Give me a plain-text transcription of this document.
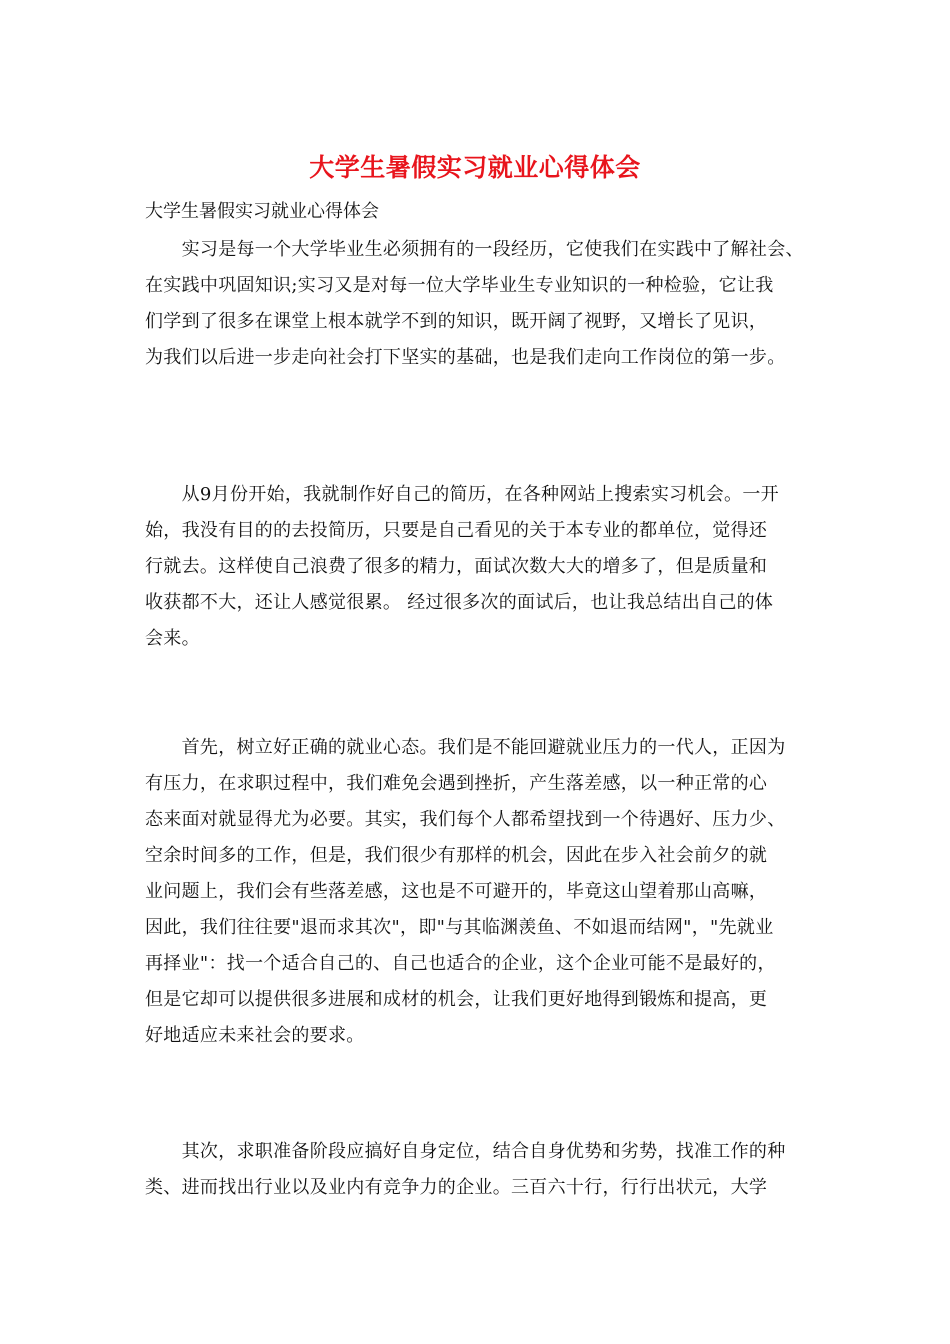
大学生暑假实习就业心得体会
大学生暑假实习就业心得体会
　　实习是每一个大学毕业生必须拥有的一段经历，它使我们在实践中了解社会、
在实践中巩固知识;实习又是对每一位大学毕业生专业知识的一种检验，它让我
们学到了很多在课堂上根本就学不到的知识，既开阔了视野，又增长了见识，
为我们以后进一步走向社会打下坚实的基础，也是我们走向工作岗位的第一步。
　　从9月份开始，我就制作好自己的简历，在各种网站上搜索实习机会。一开
始，我没有目的的去投简历，只要是自己看见的关于本专业的都单位，觉得还
行就去。这样使自己浪费了很多的精力，面试次数大大的增多了，但是质量和
收获都不大，还让人感觉很累。 经过很多次的面试后，也让我总结出自己的体
会来。
　　首先，树立好正确的就业心态。我们是不能回避就业压力的一代人，正因为
有压力，在求职过程中，我们难免会遇到挫折，产生落差感，以一种正常的心
态来面对就显得尤为必要。其实，我们每个人都希望找到一个待遇好、压力少、
空余时间多的工作，但是，我们很少有那样的机会，因此在步入社会前夕的就
业问题上，我们会有些落差感，这也是不可避开的，毕竟这山望着那山高嘛，
因此，我们往往要"退而求其次"，即"与其临渊羡鱼、不如退而结网"，"先就业
再择业"：找一个适合自己的、自己也适合的企业，这个企业可能不是最好的，
但是它却可以提供很多进展和成材的机会，让我们更好地得到锻炼和提高，更
好地适应未来社会的要求。
　　其次，求职准备阶段应搞好自身定位，结合自身优势和劣势，找准工作的种
类、进而找出行业以及业内有竞争力的企业。三百六十行，行行出状元，大学
